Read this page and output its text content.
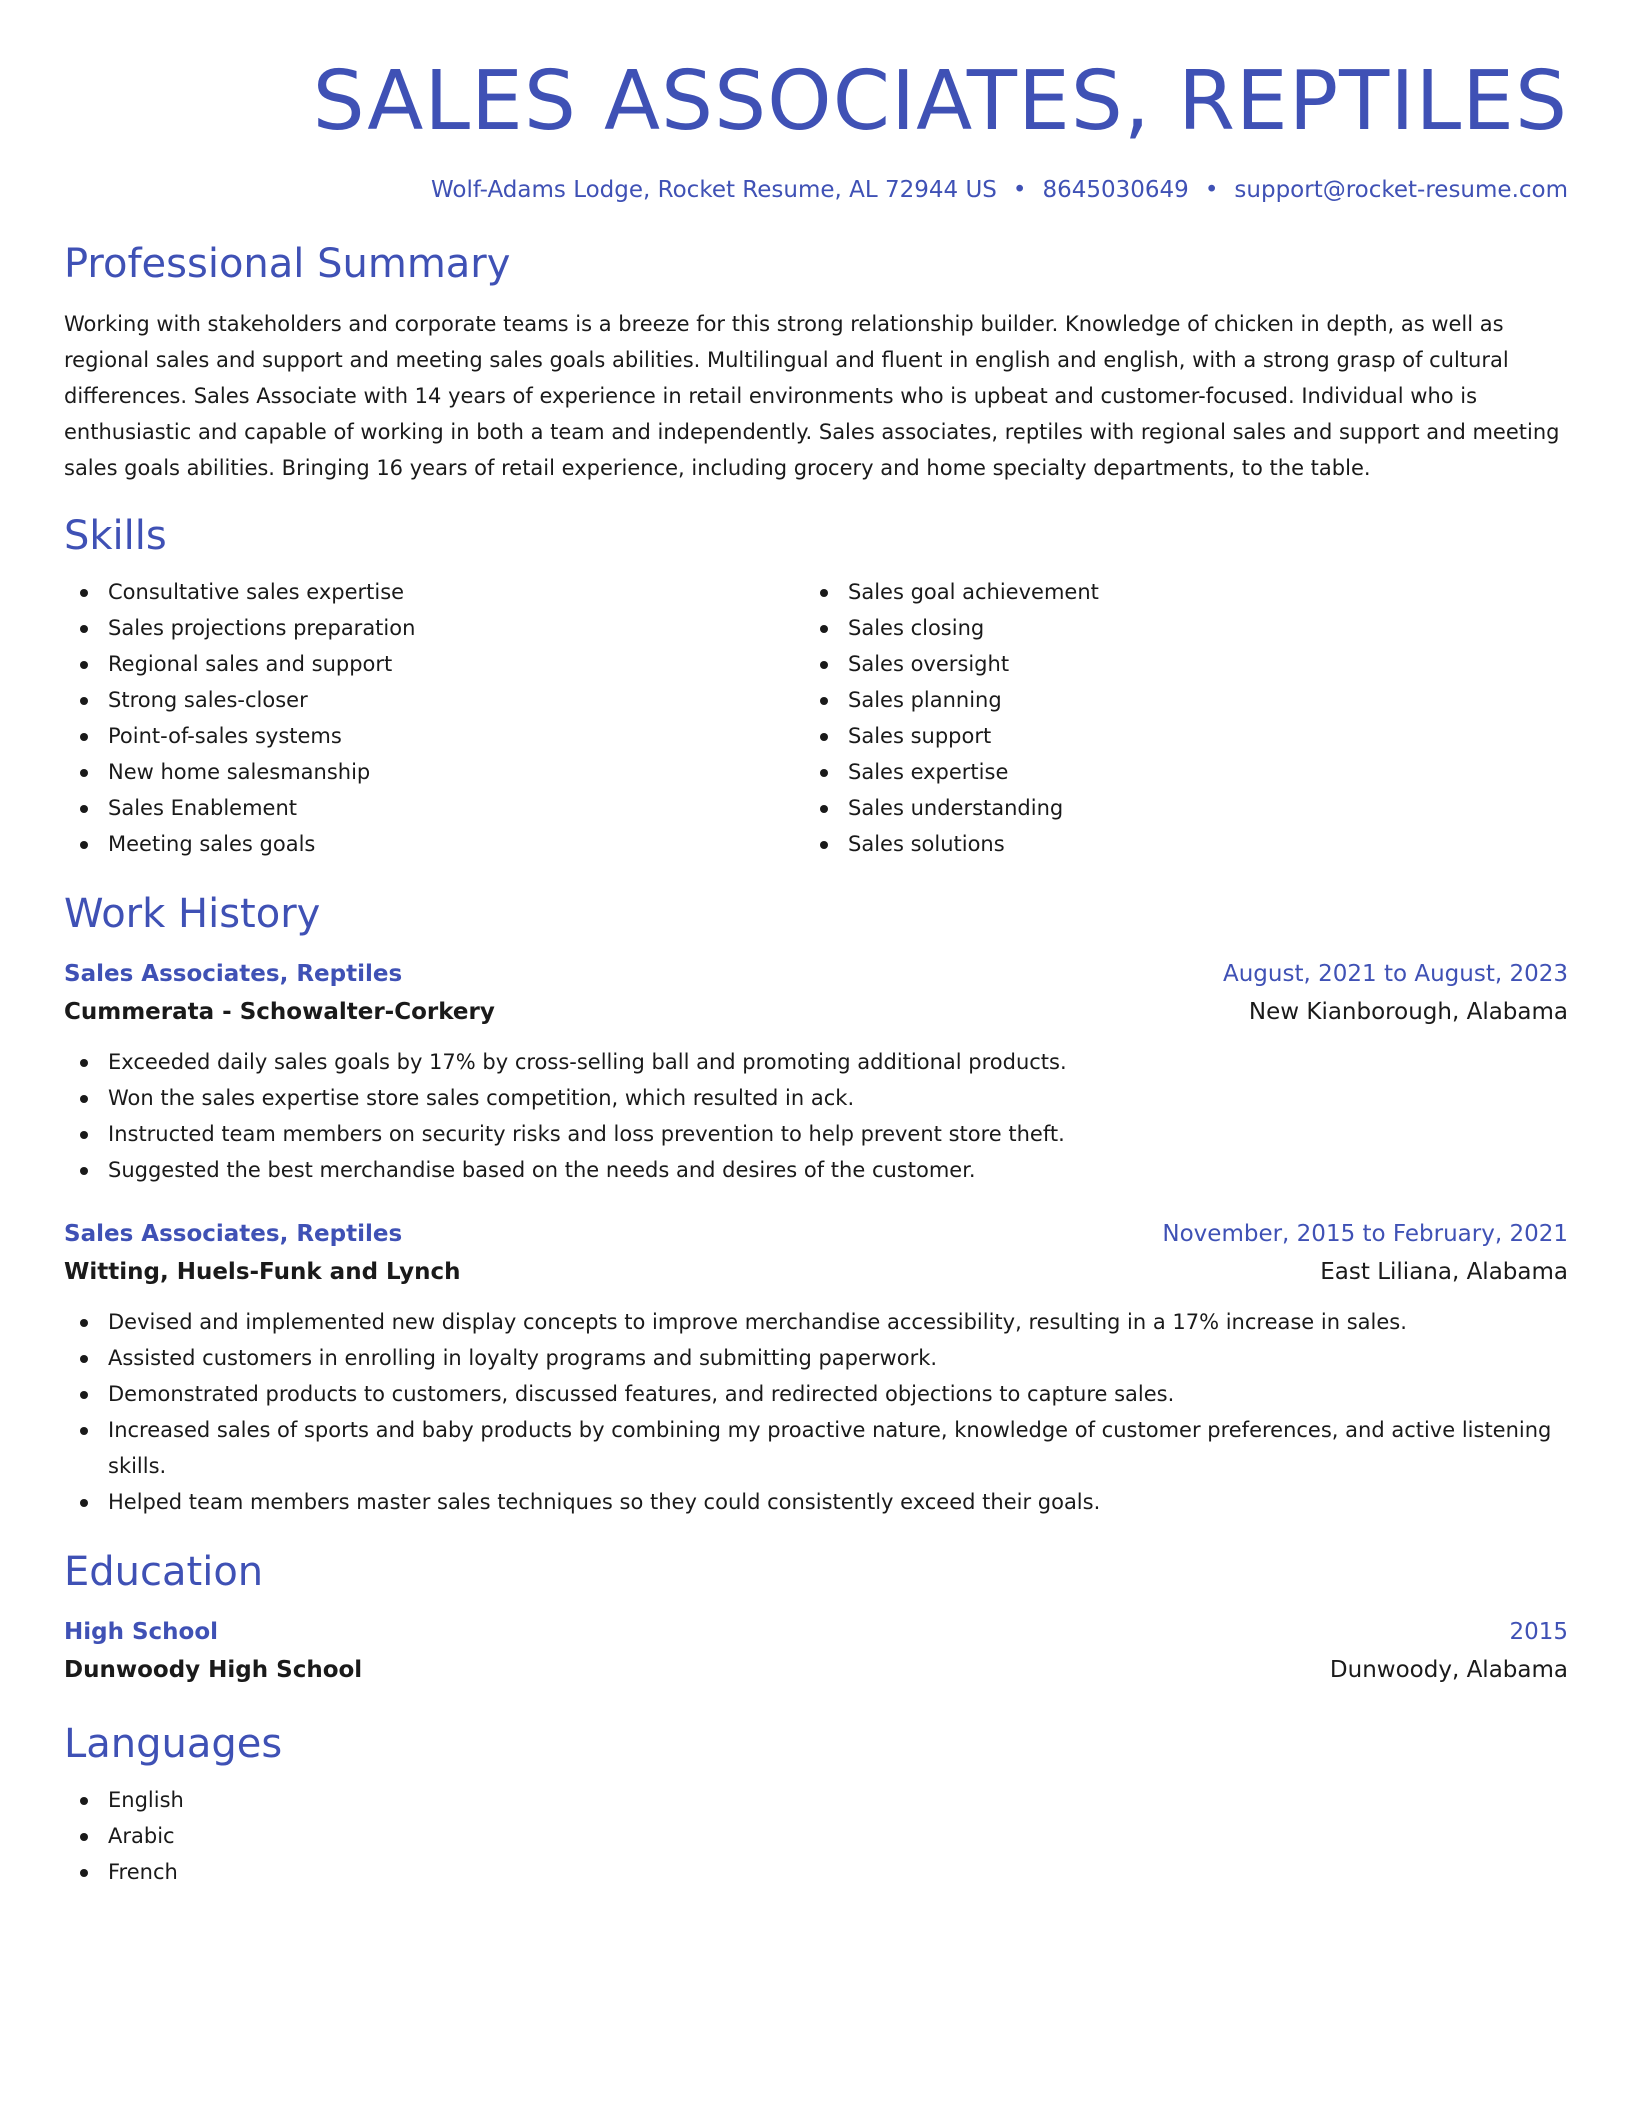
SALES ASSOCIATES, REPTILES
Wolf-Adams Lodge, Rocket Resume, AL 72944 US • 8645030649 • support@rocket-resume.com
Professional Summary
Working with stakeholders and corporate teams is a breeze for this strong relationship builder. Knowledge of chicken in depth, as well as regional sales and support and meeting sales goals abilities. Multilingual and fluent in english and english, with a strong grasp of cultural differences. Sales Associate with 14 years of experience in retail environments who is upbeat and customer-focused. Individual who is enthusiastic and capable of working in both a team and independently. Sales associates, reptiles with regional sales and support and meeting sales goals abilities. Bringing 16 years of retail experience, including grocery and home specialty departments, to the table.
Skills
Consultative sales expertise
Sales projections preparation
Regional sales and support
Strong sales-closer
Point-of-sales systems
New home salesmanship
Sales Enablement
Meeting sales goals
Sales goal achievement
Sales closing
Sales oversight
Sales planning
Sales support
Sales expertise
Sales understanding
Sales solutions
Work History
Sales Associates, Reptiles	August, 2021 to August, 2023
Cummerata - Schowalter-Corkery	New Kianborough, Alabama
Exceeded daily sales goals by 17% by cross-selling ball and promoting additional products.
Won the sales expertise store sales competition, which resulted in ack.
Instructed team members on security risks and loss prevention to help prevent store theft.
Suggested the best merchandise based on the needs and desires of the customer.
Sales Associates, Reptiles	November, 2015 to February, 2021
Witting, Huels-Funk and Lynch	East Liliana, Alabama
Devised and implemented new display concepts to improve merchandise accessibility, resulting in a 17% increase in sales.
Assisted customers in enrolling in loyalty programs and submitting paperwork.
Demonstrated products to customers, discussed features, and redirected objections to capture sales.
Increased sales of sports and baby products by combining my proactive nature, knowledge of customer preferences, and active listening skills.
Helped team members master sales techniques so they could consistently exceed their goals.
Education
High School	2015
Dunwoody High School	Dunwoody, Alabama
Languages
English
Arabic
French
